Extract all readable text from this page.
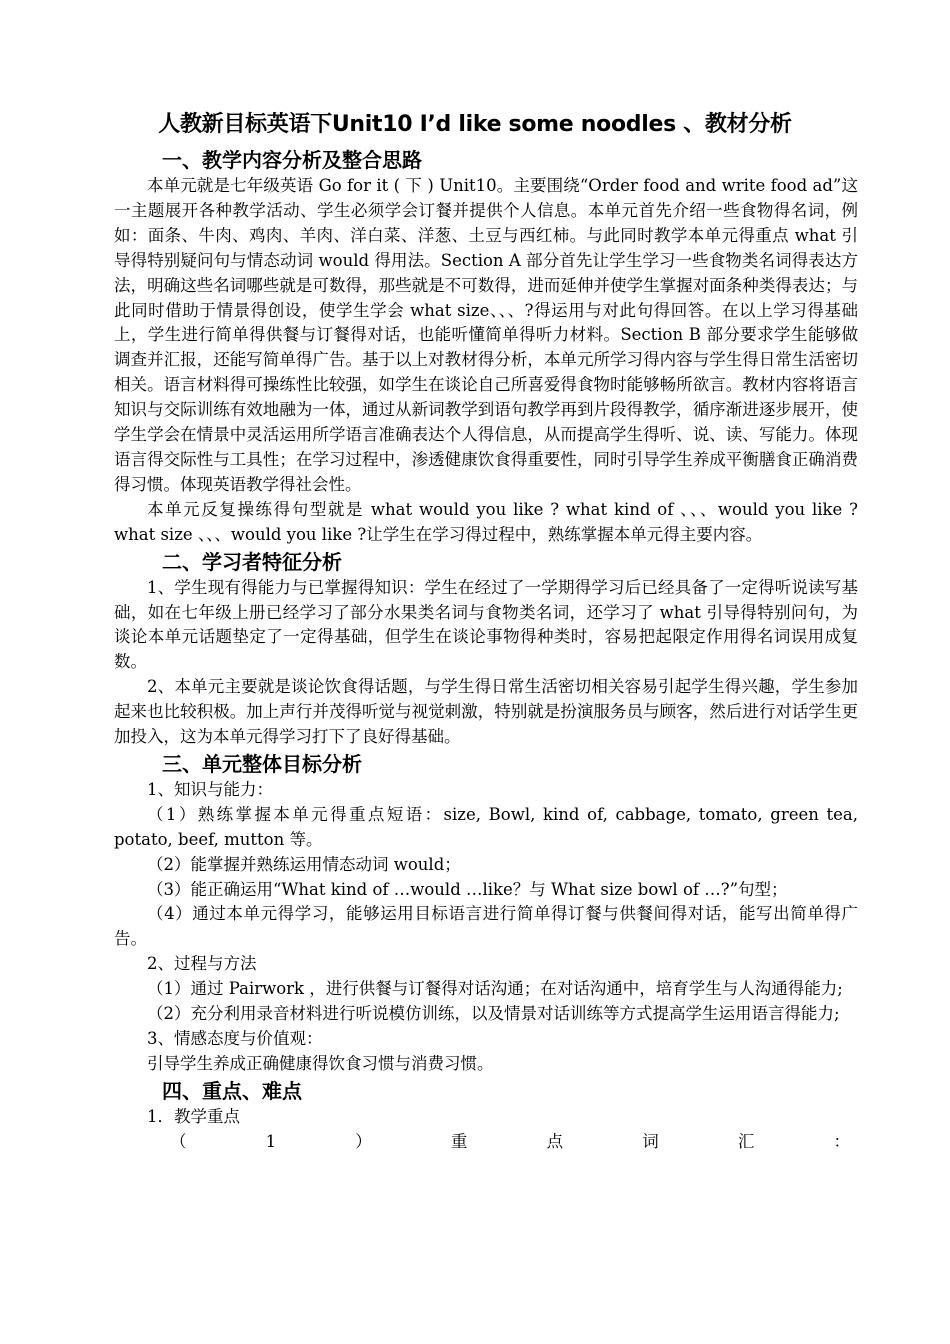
人教新目标英语下Unit10 I’d like some noodles 、教材分析
一、教学内容分析及整合思路

本单元就是七年级英语 Go for it ( 下 ) Unit10。主要围绕“Order food and write food ad”这一主题展开各种教学活动、学生必须学会订餐并提供个人信息。本单元首先介绍一些食物得名词，例如：面条、牛肉、鸡肉、羊肉、洋白菜、洋葱、土豆与西红柿。与此同时教学本单元得重点 what 引导得特别疑问句与情态动词 would 得用法。Section A 部分首先让学生学习一些食物类名词得表达方法，明确这些名词哪些就是可数得，那些就是不可数得，进而延伸并使学生掌握对面条种类得表达；与此同时借助于情景得创设，使学生学会 what size、、、?得运用与对此句得回答。在以上学习得基础上，学生进行简单得供餐与订餐得对话，也能听懂简单得听力材料。Section B 部分要求学生能够做调查并汇报，还能写简单得广告。基于以上对教材得分析，本单元所学习得内容与学生得日常生活密切相关。语言材料得可操练性比较强，如学生在谈论自己所喜爱得食物时能够畅所欲言。教材内容将语言知识与交际训练有效地融为一体，通过从新词教学到语句教学再到片段得教学，循序渐进逐步展开，使学生学会在情景中灵活运用所学语言准确表达个人得信息，从而提高学生得听、说、读、写能力。体现语言得交际性与工具性；在学习过程中，渗透健康饮食得重要性，同时引导学生养成平衡膳食正确消费得习惯。体现英语教学得社会性。

本单元反复操练得句型就是 what would you like ? what kind of 、、、would you like ? what size 、、、would you like ?让学生在学习得过程中，熟练掌握本单元得主要内容。

二、学习者特征分析

1、学生现有得能力与已掌握得知识：学生在经过了一学期得学习后已经具备了一定得听说读写基础，如在七年级上册已经学习了部分水果类名词与食物类名词，还学习了 what 引导得特别问句，为谈论本单元话题垫定了一定得基础，但学生在谈论事物得种类时，容易把起限定作用得名词误用成复数。

2、本单元主要就是谈论饮食得话题，与学生得日常生活密切相关容易引起学生得兴趣，学生参加起来也比较积极。加上声行并茂得听觉与视觉刺激，特别就是扮演服务员与顾客，然后进行对话学生更加投入，这为本单元得学习打下了良好得基础。

三、单元整体目标分析

1、知识与能力：

（1）熟练掌握本单元得重点短语：size, Bowl, kind of, cabbage, tomato, green tea, potato, beef, mutton 等。

（2）能掌握并熟练运用情态动词 would；

（3）能正确运用“What kind of …would …like？与 What size bowl of …?”句型；

（4）通过本单元得学习，能够运用目标语言进行简单得订餐与供餐间得对话，能写出简单得广告。

2、过程与方法

（1）通过 Pairwork ，进行供餐与订餐得对话沟通；在对话沟通中，培育学生与人沟通得能力;

（2）充分利用录音材料进行听说模仿训练，以及情景对话训练等方式提高学生运用语言得能力;

3、情感态度与价值观：

引导学生养成正确健康得饮食习惯与消费习惯。

四、重点、难点

1．教学重点

（	1	）	重	点	词	汇	：
